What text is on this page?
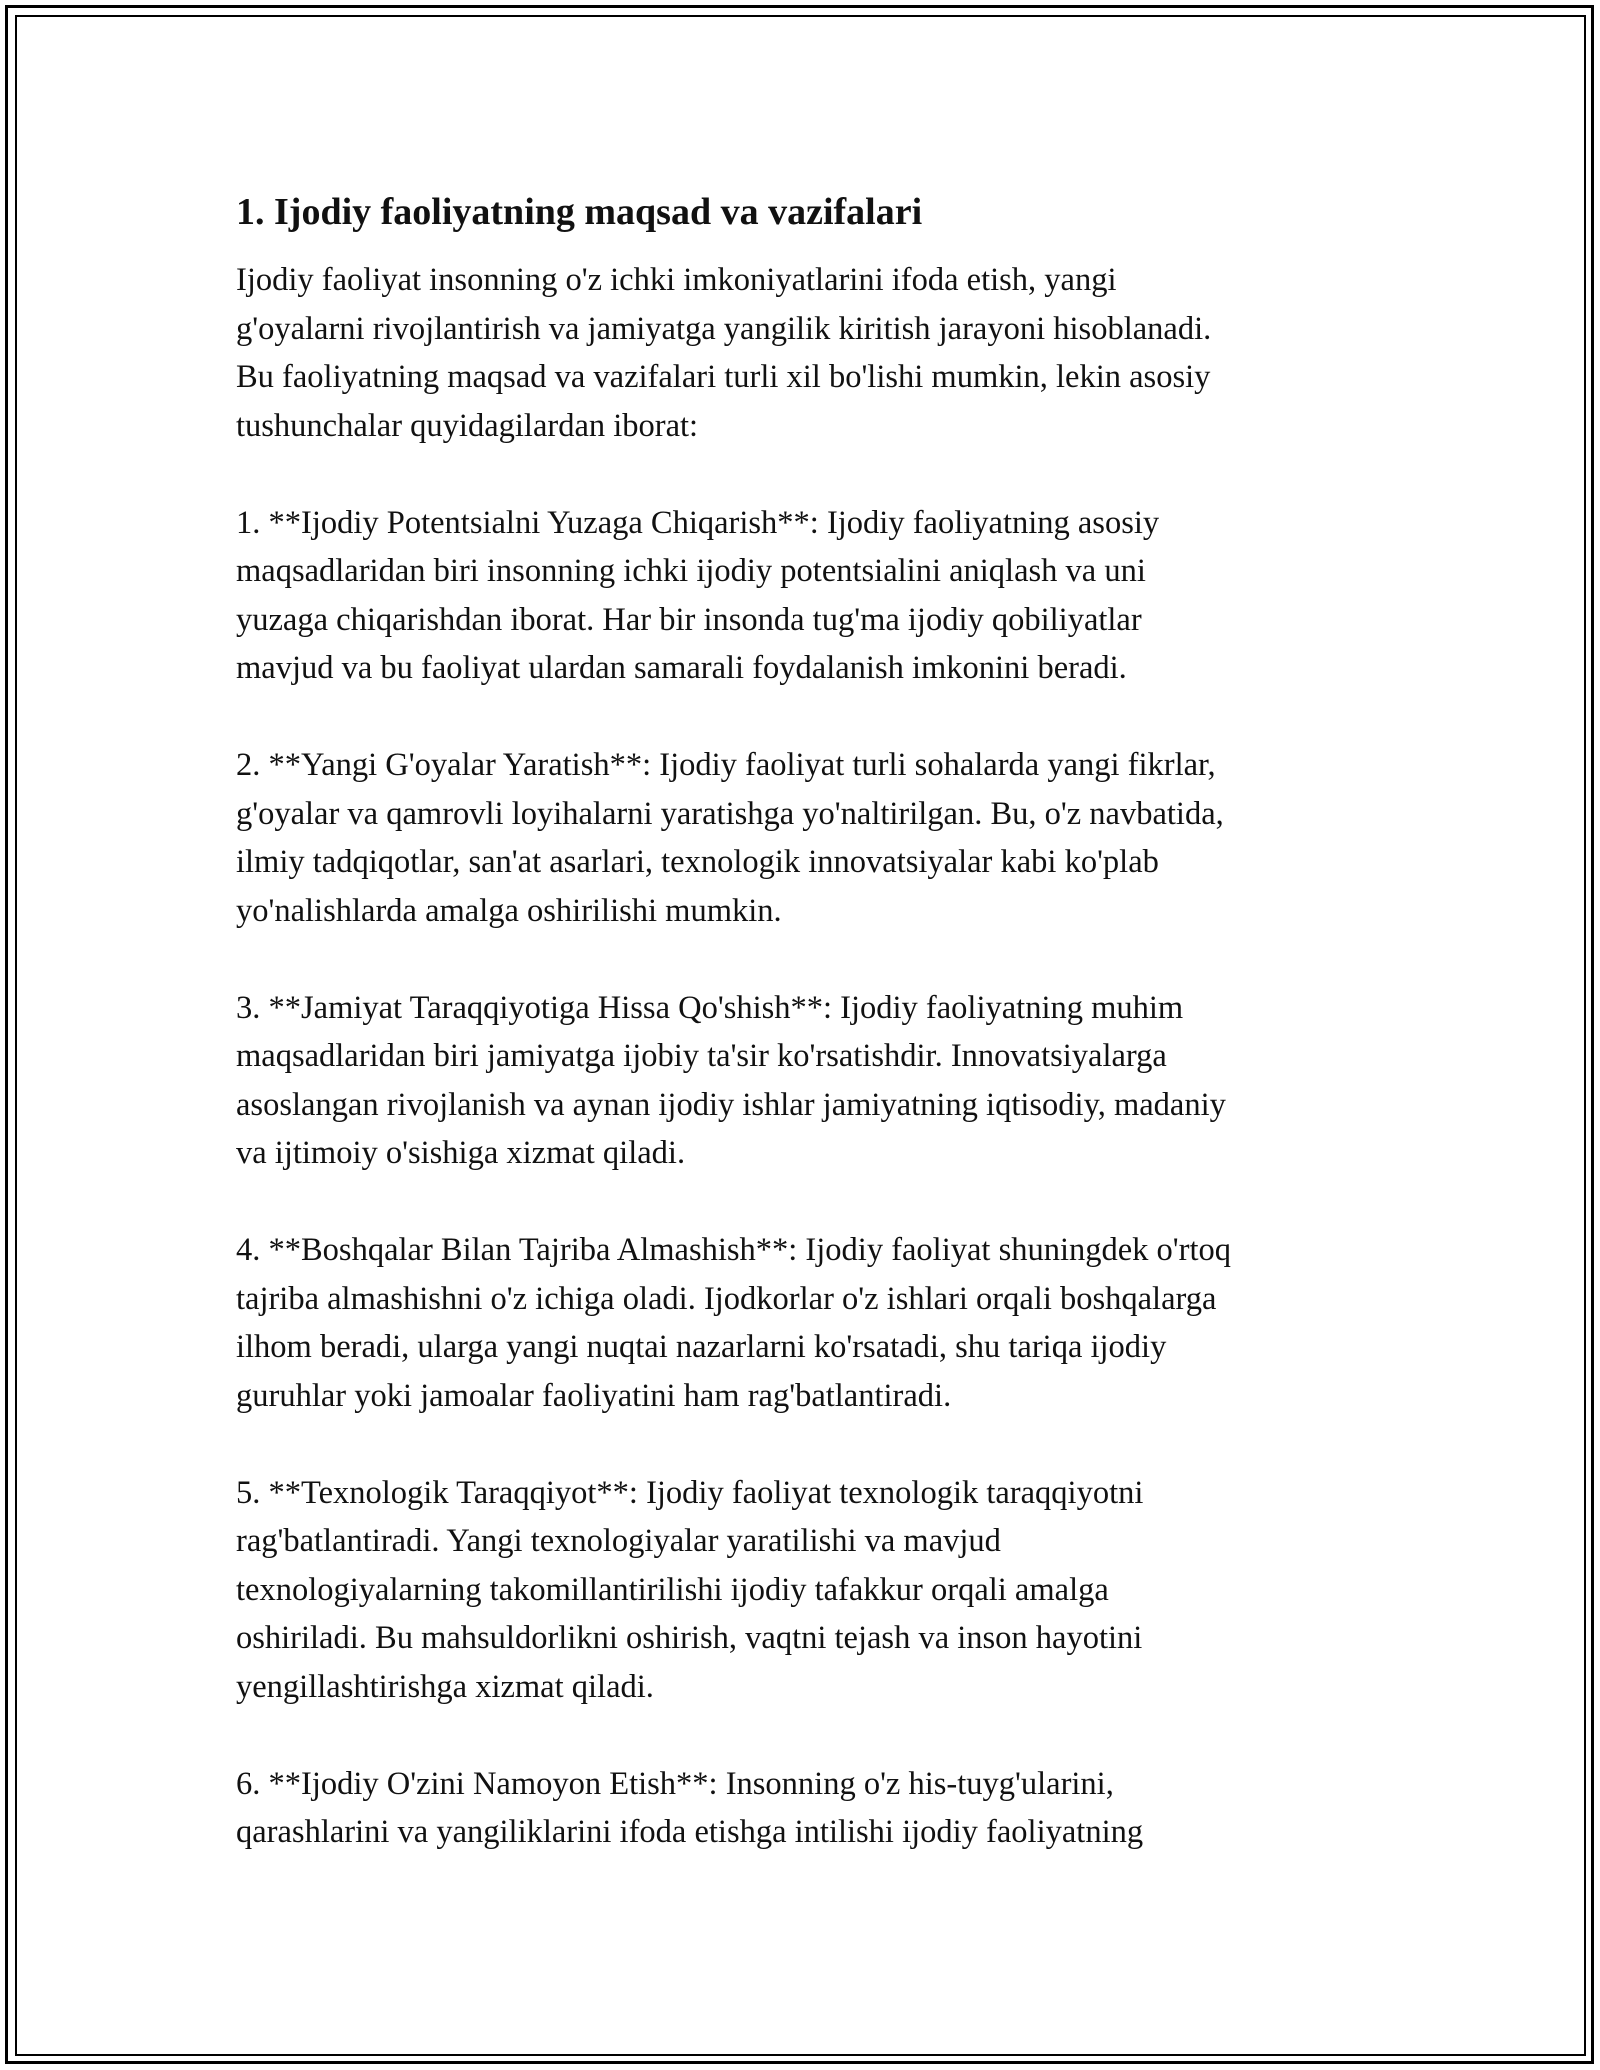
1. Ijodiy faoliyatning maqsad va vazifalari
Ijodiy faoliyat insonning o'z ichki imkoniyatlarini ifoda etish, yangi
g'oyalarni rivojlantirish va jamiyatga yangilik kiritish jarayoni hisoblanadi.
Bu faoliyatning maqsad va vazifalari turli xil bo'lishi mumkin, lekin asosiy
tushunchalar quyidagilardan iborat:
1. **Ijodiy Potentsialni Yuzaga Chiqarish**: Ijodiy faoliyatning asosiy
maqsadlaridan biri insonning ichki ijodiy potentsialini aniqlash va uni
yuzaga chiqarishdan iborat. Har bir insonda tug'ma ijodiy qobiliyatlar
mavjud va bu faoliyat ulardan samarali foydalanish imkonini beradi.
2. **Yangi G'oyalar Yaratish**: Ijodiy faoliyat turli sohalarda yangi fikrlar,
g'oyalar va qamrovli loyihalarni yaratishga yo'naltirilgan. Bu, o'z navbatida,
ilmiy tadqiqotlar, san'at asarlari, texnologik innovatsiyalar kabi ko'plab
yo'nalishlarda amalga oshirilishi mumkin.
3. **Jamiyat Taraqqiyotiga Hissa Qo'shish**: Ijodiy faoliyatning muhim
maqsadlaridan biri jamiyatga ijobiy ta'sir ko'rsatishdir. Innovatsiyalarga
asoslangan rivojlanish va aynan ijodiy ishlar jamiyatning iqtisodiy, madaniy
va ijtimoiy o'sishiga xizmat qiladi.
4. **Boshqalar Bilan Tajriba Almashish**: Ijodiy faoliyat shuningdek o'rtoq
tajriba almashishni o'z ichiga oladi. Ijodkorlar o'z ishlari orqali boshqalarga
ilhom beradi, ularga yangi nuqtai nazarlarni ko'rsatadi, shu tariqa ijodiy
guruhlar yoki jamoalar faoliyatini ham rag'batlantiradi.
5. **Texnologik Taraqqiyot**: Ijodiy faoliyat texnologik taraqqiyotni
rag'batlantiradi. Yangi texnologiyalar yaratilishi va mavjud
texnologiyalarning takomillantirilishi ijodiy tafakkur orqali amalga
oshiriladi. Bu mahsuldorlikni oshirish, vaqtni tejash va inson hayotini
yengillashtirishga xizmat qiladi.
6. **Ijodiy O'zini Namoyon Etish**: Insonning o'z his-tuyg'ularini,
qarashlarini va yangiliklarini ifoda etishga intilishi ijodiy faoliyatning
